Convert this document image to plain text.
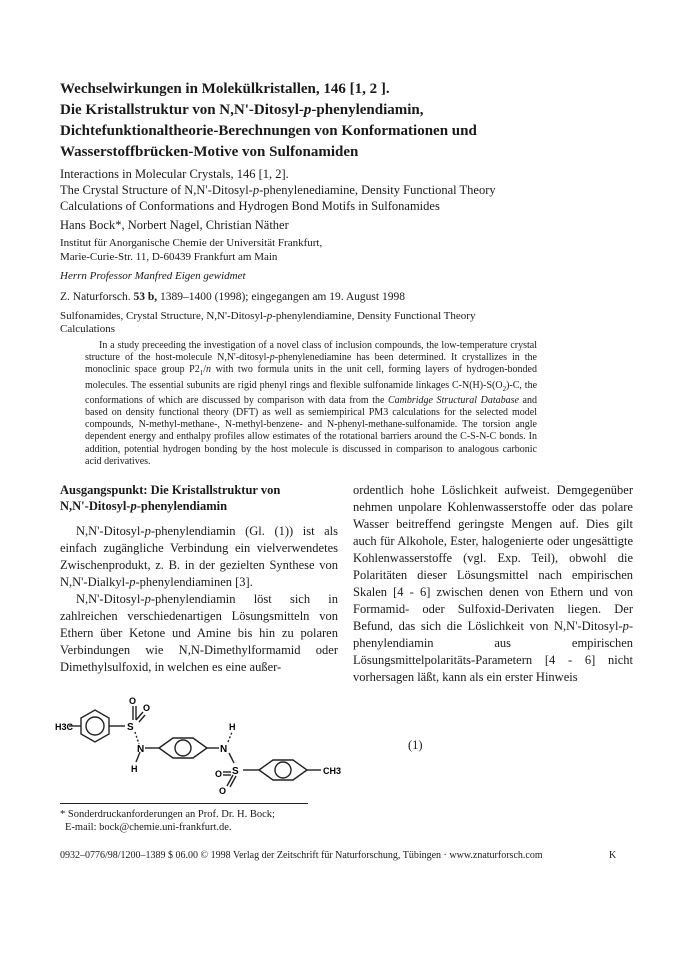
Wechselwirkungen in Molekülkristallen, 146 [1, 2 ].
Die Kristallstruktur von N,N'-Ditosyl-p-phenylendiamin,
Dichtefunktionaltheorie-Berechnungen von Konformationen und
Wasserstoffbrücken-Motive von Sulfonamiden
Interactions in Molecular Crystals, 146 [1, 2].
The Crystal Structure of N,N'-Ditosyl-p-phenylenediamine, Density Functional Theory
Calculations of Conformations and Hydrogen Bond Motifs in Sulfonamides
Hans Bock*, Norbert Nagel, Christian Näther
Institut für Anorganische Chemie der Universität Frankfurt,
Marie-Curie-Str. 11, D-60439 Frankfurt am Main
Herrn Professor Manfred Eigen gewidmet
Z. Naturforsch. 53 b, 1389–1400 (1998); eingegangen am 19. August 1998
Sulfonamides, Crystal Structure, N,N'-Ditosyl-p-phenylendiamine, Density Functional Theory
Calculations

In a study preceeding the investigation of a novel class of inclusion compounds, the low-temperature crystal structure of the host-molecule N,N'-ditosyl-p-phenylenediamine has been determined. It crystallizes in the monoclinic space group $P2_1/n$ with two formula units in the unit cell, forming layers of hydrogen-bonded molecules. The essential subunits are rigid phenyl rings and flexible sulfonamide linkages $C-N(H)-S(O_2)-C$, the conformations of which are discussed by comparison with data from the Cambridge Structural Database and based on density functional theory (DFT) as well as semiempirical PM3 calculations for the selected model compounds, N-methyl-methane-, N-methyl-benzene- and N-phenyl-methane-sulfonamide. The torsion angle dependent energy and enthalpy profiles allow estimates of the rotational barriers around the C-S-N-C bonds. In addition, potential hydrogen bonding by the host molecule is discussed in comparison to analogous carbonic acid derivatives.

Ausgangspunkt: Die Kristallstruktur von
N,N'-Ditosyl-p-phenylendiamin

N,N'-Ditosyl-p-phenylendiamin (Gl. (1)) ist als einfach zugängliche Verbindung ein vielverwendetes Zwischenprodukt, z. B. in der gezielten Synthese von N,N'-Dialkyl-p-phenylendiaminen [3].

N,N'-Ditosyl-p-phenylendiamin löst sich in zahlreichen verschiedenartigen Lösungsmitteln von Ethern über Ketone und Amine bis hin zu polaren Verbindungen wie N,N-Dimethylformamid oder Dimethylsulfoxid, in welchen es eine außer-

ordentlich hohe Löslichkeit aufweist. Demgegenüber nehmen unpolare Kohlenwasserstoffe oder das polare Wasser beitreffend geringste Mengen auf. Dies gilt auch für Alkohole, Ester, halogenierte oder ungesättigte Kohlenwasserstoffe (vgl. Exp. Teil), obwohl die Polaritäten dieser Lösungsmittel nach empirischen Skalen [4 - 6] zwischen denen von Ethern und von Formamid- oder Sulfoxid-Derivaten liegen. Der Befund, das sich die Löslichkeit von N,N'-Ditosyl-p-phenylendiamin aus empirischen Lösungsmittelpolaritäts-Parametern [4 - 6] nicht vorhersagen läßt, kann als ein erster Hinweis

H3C	S
O
O
N
H
N
H
S
O
O
CH3
(1)
* Sonderdruckanforderungen an Prof. Dr. H. Bock;
E-mail: bock@chemie.uni-frankfurt.de.
0932–0776/98/1200–1389 $ 06.00 © 1998 Verlag der Zeitschrift für Naturforschung, Tübingen · www.znaturforsch.com	K
